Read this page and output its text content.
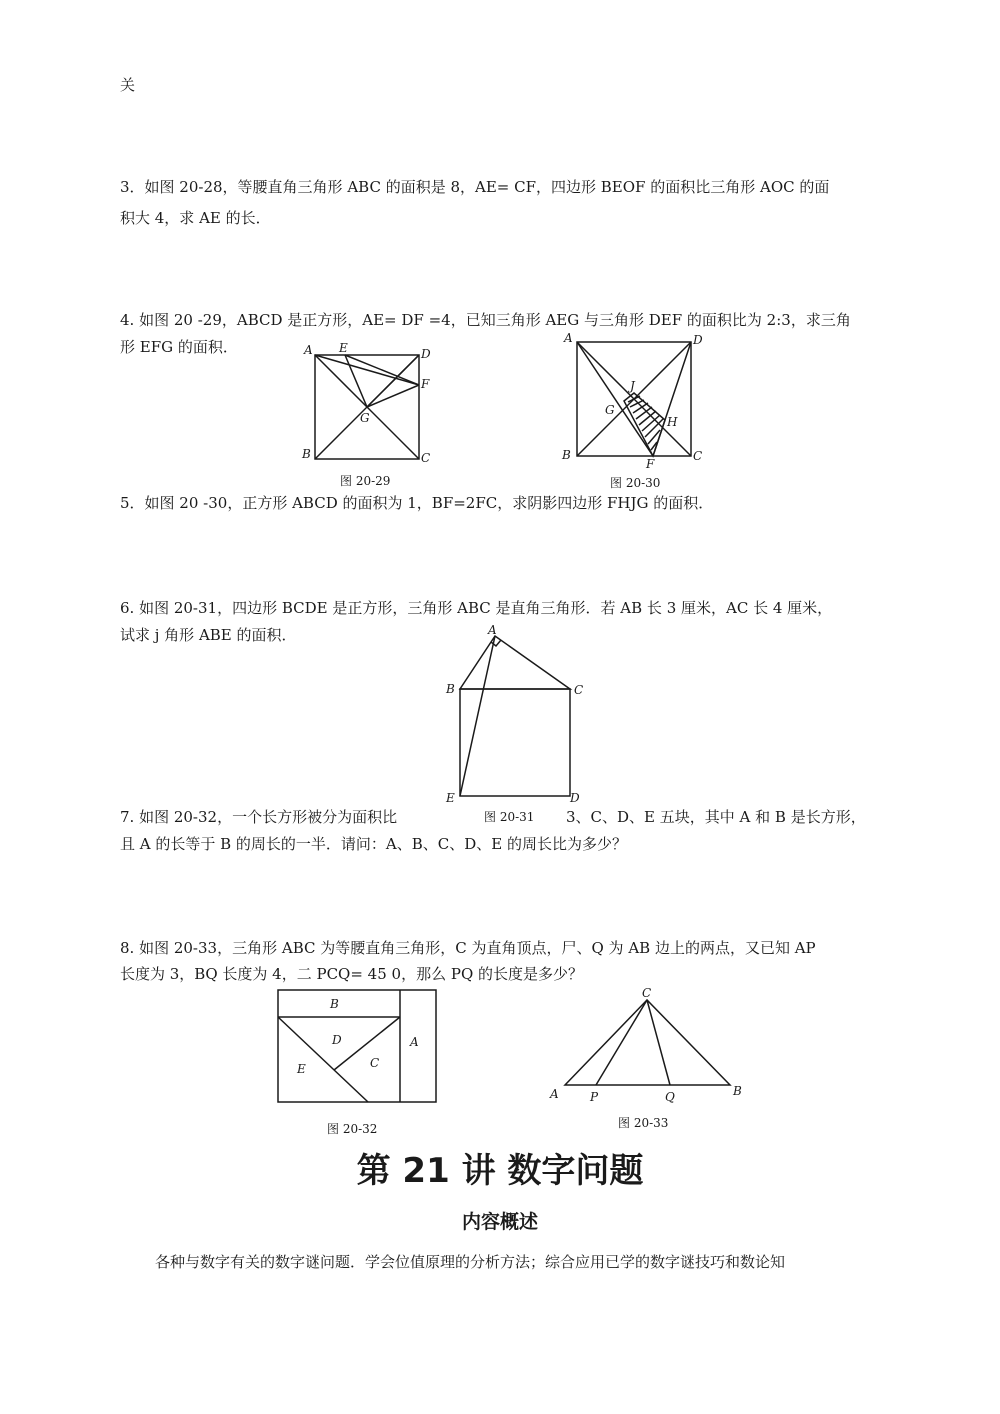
关

3．如图 20-28，等腰直角三角形 ABC 的面积是 8，AE= CF，四边形 BEOF 的面积比三角形 AOC 的面

积大 4，求 AE 的长．

4. 如图 20 -29，ABCD 是正方形，AE= DF =4，已知三角形 AEG 与三角形 DEF 的面积比为 2:3，求三角

形 EFG 的面积．	A E	D
F
G
B	C
图 20-29
A	D
J
G
H
B
F
C
图 20-30

5．如图 20 -30，正方形 ABCD 的面积为 1，BF=2FC，求阴影四边形 FHJG 的面积．

6. 如图 20-31，四边形 BCDE 是正方形，三角形 ABC 是直角三角形．若 AB 长 3 厘米，AC 长 4 厘米，

试求 j 角形 ABE 的面积．	A
B	C
E	D

7. 如图 20-32，一个长方形被分为面积比	图 20-31 3、C、D、E 五块，其中 A 和 B 是长方形，

且 A 的长等于 B 的周长的一半．请问：A、B、C、D、E 的周长比为多少？

8. 如图 20-33，三角形 ABC 为等腰直角三角形，C 为直角顶点，尸、Q 为 AB 边上的两点，又已知 AP

长度为 3，BQ 长度为 4，二 PCQ= 45 0，那么 PQ 的长度是多少？

B
D	A
C
E
图 20-32
C
A	P	Q	B
图 20-33
第 21 讲 数字问题
内容概述

各种与数字有关的数字谜问题．学会位值原理的分析方法；综合应用已学的数字谜技巧和数论知
